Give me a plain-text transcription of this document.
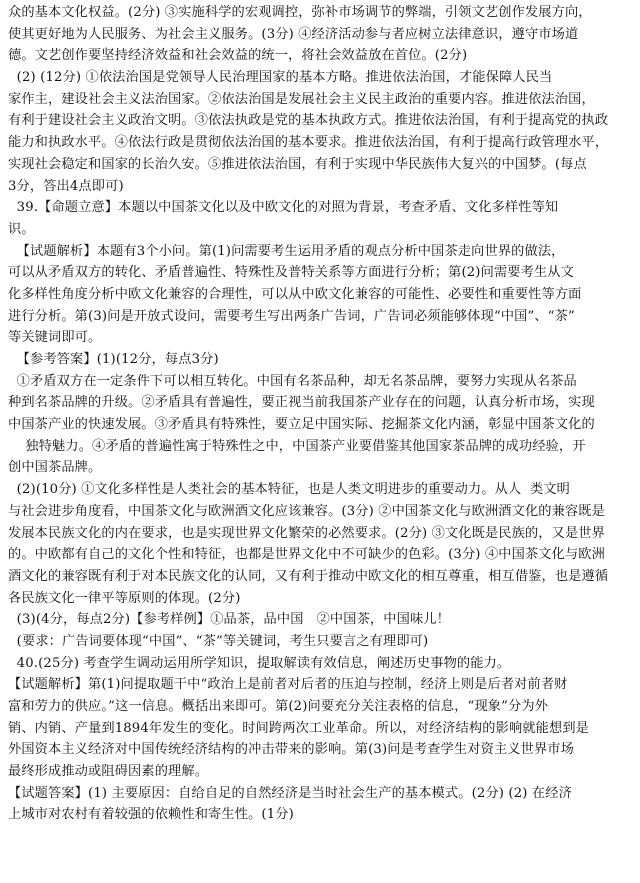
众的基本文化权益。(2分) ③实施科学的宏观调控，弥补市场调节的弊端，引领文艺创作发展方向，
使其更好地为人民服务、为社会主义服务。(3分) ④经济活动参与者应树立法律意识，遵守市场道
德。文艺创作要坚持经济效益和社会效益的统一，将社会效益放在首位。(2分)
(2) (12分) ①依法治国是党领导人民治理国家的基本方略。推进依法治国，才能保障人民当
家作主，建设社会主义法治国家。②依法治国是发展社会主义民主政治的重要内容。推进依法治国，
有利于建设社会主义政治文明。③依法执政是党的基本执政方式。推进依法治国，有利于提高党的执政
能力和执政水平。④依法行政是贯彻依法治国的基本要求。推进依法治国，有利于提高行政管理水平，
实现社会稳定和国家的长治久安。⑤推进依法治国，有利于实现中华民族伟大复兴的中国梦。(每点
3分，答出4点即可)
39.【命题立意】本题以中国茶文化以及中欧文化的对照为背景，考查矛盾、文化多样性等知
识。
【试题解析】本题有3个小问。第(1)问需要考生运用矛盾的观点分析中国茶走向世界的做法，
可以从矛盾双方的转化、矛盾普遍性、特殊性及普特关系等方面进行分析；第(2)问需要考生从文
化多样性角度分析中欧文化兼容的合理性，可以从中欧文化兼容的可能性、必要性和重要性等方面
进行分析。第(3)问是开放式设问，需要考生写出两条广告词，广告词必须能够体现“中国”、“茶”
等关键词即可。
【参考答案】(1)(12分，每点3分)
①矛盾双方在一定条件下可以相互转化。中国有名茶品种，却无名茶品牌，要努力实现从名茶品
种到名茶品牌的升级。②矛盾具有普遍性，要正视当前我国茶产业存在的问题，认真分析市场，实现
中国茶产业的快速发展。③矛盾具有特殊性，要立足中国实际、挖掘茶文化内涵，彰显中国茶文化的
独特魅力。④矛盾的普遍性寓于特殊性之中，中国茶产业要借鉴其他国家茶品牌的成功经验，开
创中国茶品牌。
(2)(10分) ①文化多样性是人类社会的基本特征，也是人类文明进步的重要动力。从人  类文明
与社会进步角度看，中国茶文化与欧洲酒文化应该兼容。(3分) ②中国茶文化与欧洲酒文化的兼容既是
发展本民族文化的内在要求，也是实现世界文化繁荣的必然要求。(2分) ③文化既是民族的，又是世界
的。中欧都有自己的文化个性和特征，也都是世界文化中不可缺少的色彩。(3分) ④中国茶文化与欧洲
酒文化的兼容既有利于对本民族文化的认同，又有利于推动中欧文化的相互尊重，相互借鉴，也是遵循
各民族文化一律平等原则的体现。(2分)
(3)(4分，每点2分)【参考样例】①品茶，品中国   ②中国茶，中国味儿！
(要求：广告词要体现“中国”、“茶”等关键词，考生只要言之有理即可)
40.(25分) 考查学生调动运用所学知识，提取解读有效信息，阐述历史事物的能力。
【试题解析】第(1)问提取题干中“政治上是前者对后者的压迫与控制，经济上则是后者对前者财
富和劳力的供应。”这一信息。概括出来即可。第(2)问要充分关注表格的信息，“现象”分为外
销、内销、产量到1894年发生的变化。时间跨两次工业革命。所以，对经济结构的影响就能想到是
外国资本主义经济对中国传统经济结构的冲击带来的影响。第(3)问是考查学生对资主义世界市场
最终形成推动或阻碍因素的理解。
【试题答案】(1) 主要原因：自给自足的自然经济是当时社会生产的基本模式。(2分) (2) 在经济
上城市对农村有着较强的依赖性和寄生性。(1分)
